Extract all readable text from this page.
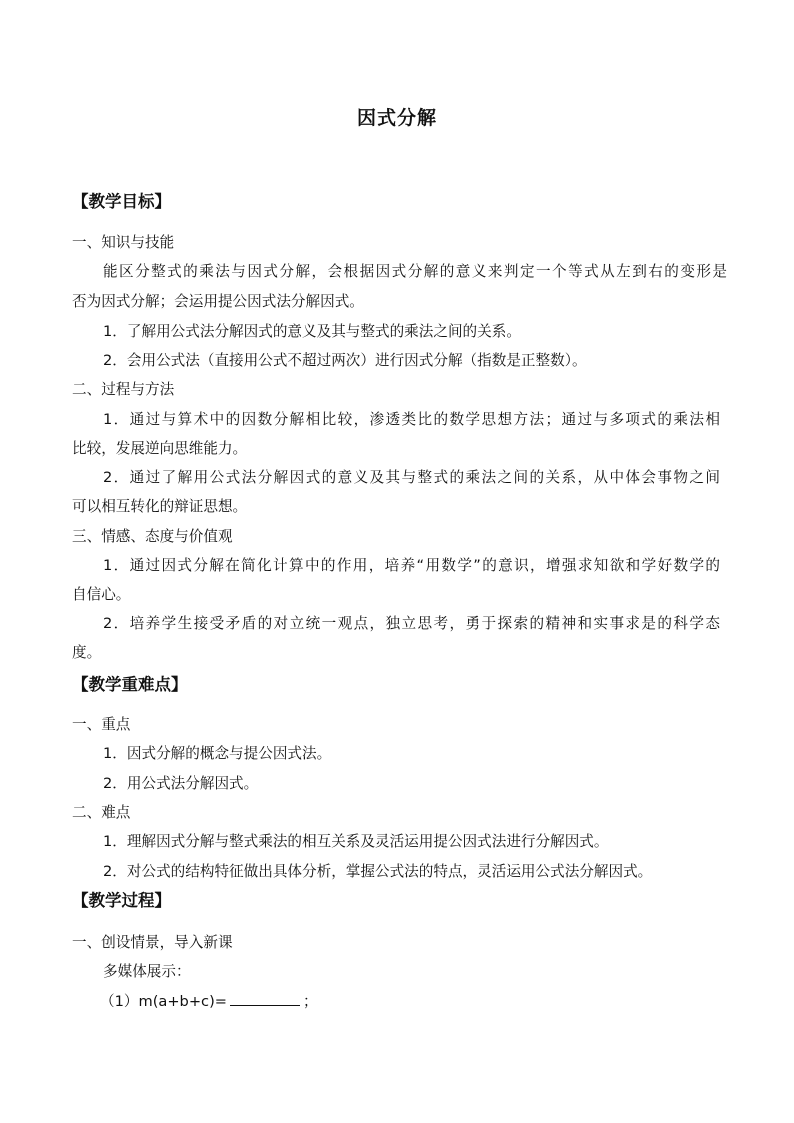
因式分解
【教学目标】
一、知识与技能
能区分整式的乘法与因式分解，会根据因式分解的意义来判定一个等式从左到右的变形是
否为因式分解；会运用提公因式法分解因式。
1．了解用公式法分解因式的意义及其与整式的乘法之间的关系。
2．会用公式法（直接用公式不超过两次）进行因式分解（指数是正整数）。
二、过程与方法
1．通过与算术中的因数分解相比较，渗透类比的数学思想方法；通过与多项式的乘法相
比较，发展逆向思维能力。
2．通过了解用公式法分解因式的意义及其与整式的乘法之间的关系，从中体会事物之间
可以相互转化的辩证思想。
三、情感、态度与价值观
1．通过因式分解在简化计算中的作用，培养“用数学”的意识，增强求知欲和学好数学的
自信心。
2．培养学生接受矛盾的对立统一观点，独立思考，勇于探索的精神和实事求是的科学态
度。
【教学重难点】
一、重点
1．因式分解的概念与提公因式法。
2．用公式法分解因式。
二、难点
1．理解因式分解与整式乘法的相互关系及灵活运用提公因式法进行分解因式。
2．对公式的结构特征做出具体分析，掌握公式法的特点，灵活运用公式法分解因式。
【教学过程】
一、创设情景，导入新课
多媒体展示：
（1）m(a+b+c)=	；
